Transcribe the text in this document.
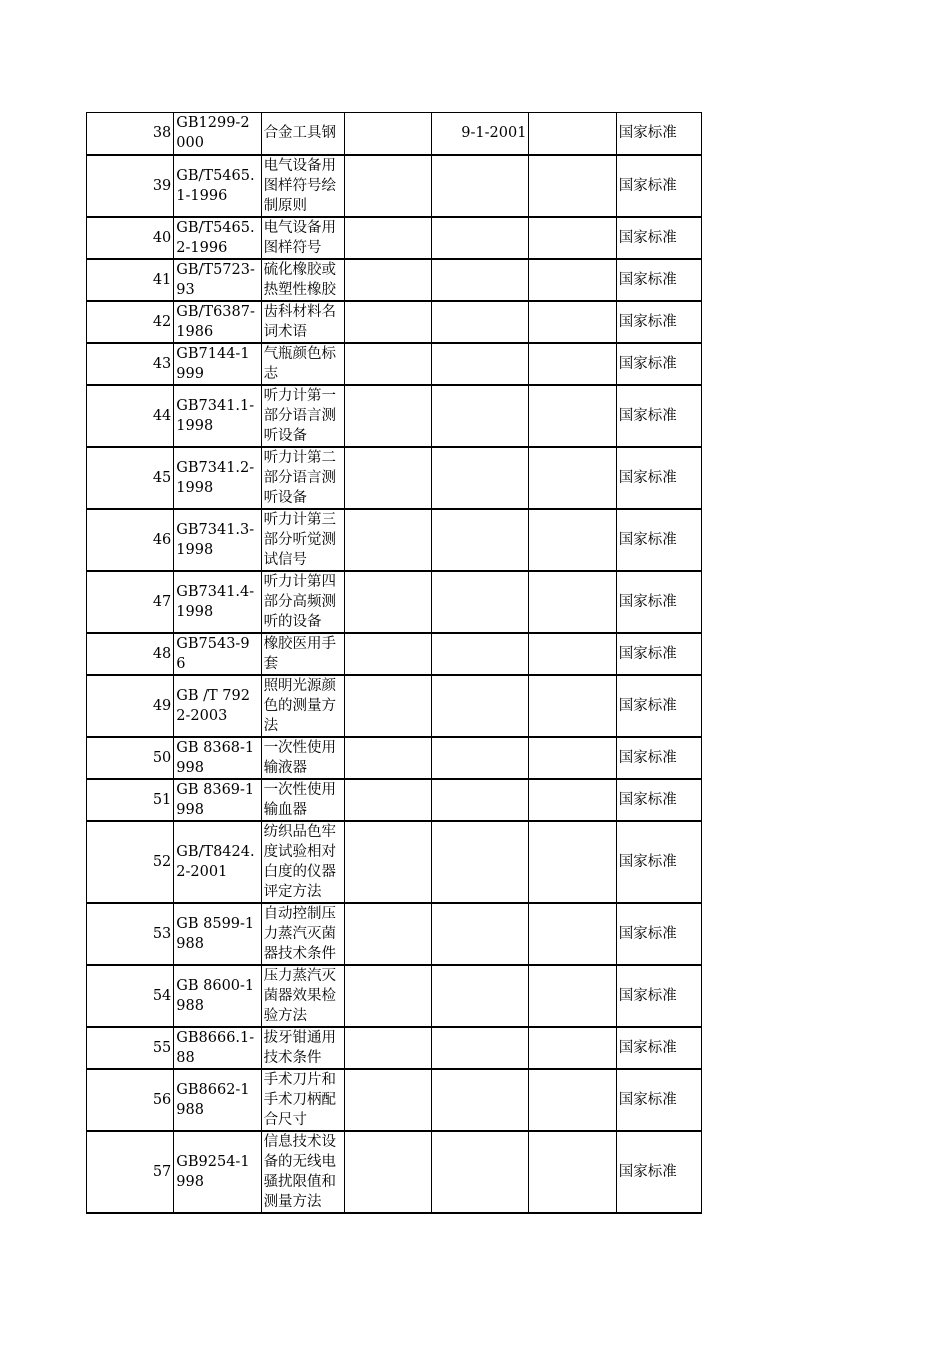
38	GB1299-2000	合金工具钢		9-1-2001		国家标准
39	GB/T5465.1-1996	电气设备用图样符号绘制原则				国家标准
40	GB/T5465.2-1996	电气设备用图样符号				国家标准
41	GB/T5723-93	硫化橡胶或热塑性橡胶				国家标准
42	GB/T6387-1986	齿科材料名词术语				国家标准
43	GB7144-1999	气瓶颜色标志				国家标准
44	GB7341.1-1998	听力计第一部分语言测听设备				国家标准
45	GB7341.2-1998	听力计第二部分语言测听设备				国家标准
46	GB7341.3-1998	听力计第三部分听觉测试信号				国家标准
47	GB7341.4-1998	听力计第四部分高频测听的设备				国家标准
48	GB7543-96	橡胶医用手套				国家标准
49	GB /T 7922-2003	照明光源颜色的测量方法				国家标准
50	GB 8368-1998	一次性使用输液器				国家标准
51	GB 8369-1998	一次性使用输血器				国家标准
52	GB/T8424.2-2001	纺织品色牢度试验相对白度的仪器评定方法				国家标准
53	GB 8599-1988	自动控制压力蒸汽灭菌器技术条件				国家标准
54	GB 8600-1988	压力蒸汽灭菌器效果检验方法				国家标准
55	GB8666.1-88	拔牙钳通用技术条件				国家标准
56	GB8662-1988	手术刀片和手术刀柄配合尺寸				国家标准
57	GB9254-1998	信息技术设备的无线电骚扰限值和测量方法				国家标准
